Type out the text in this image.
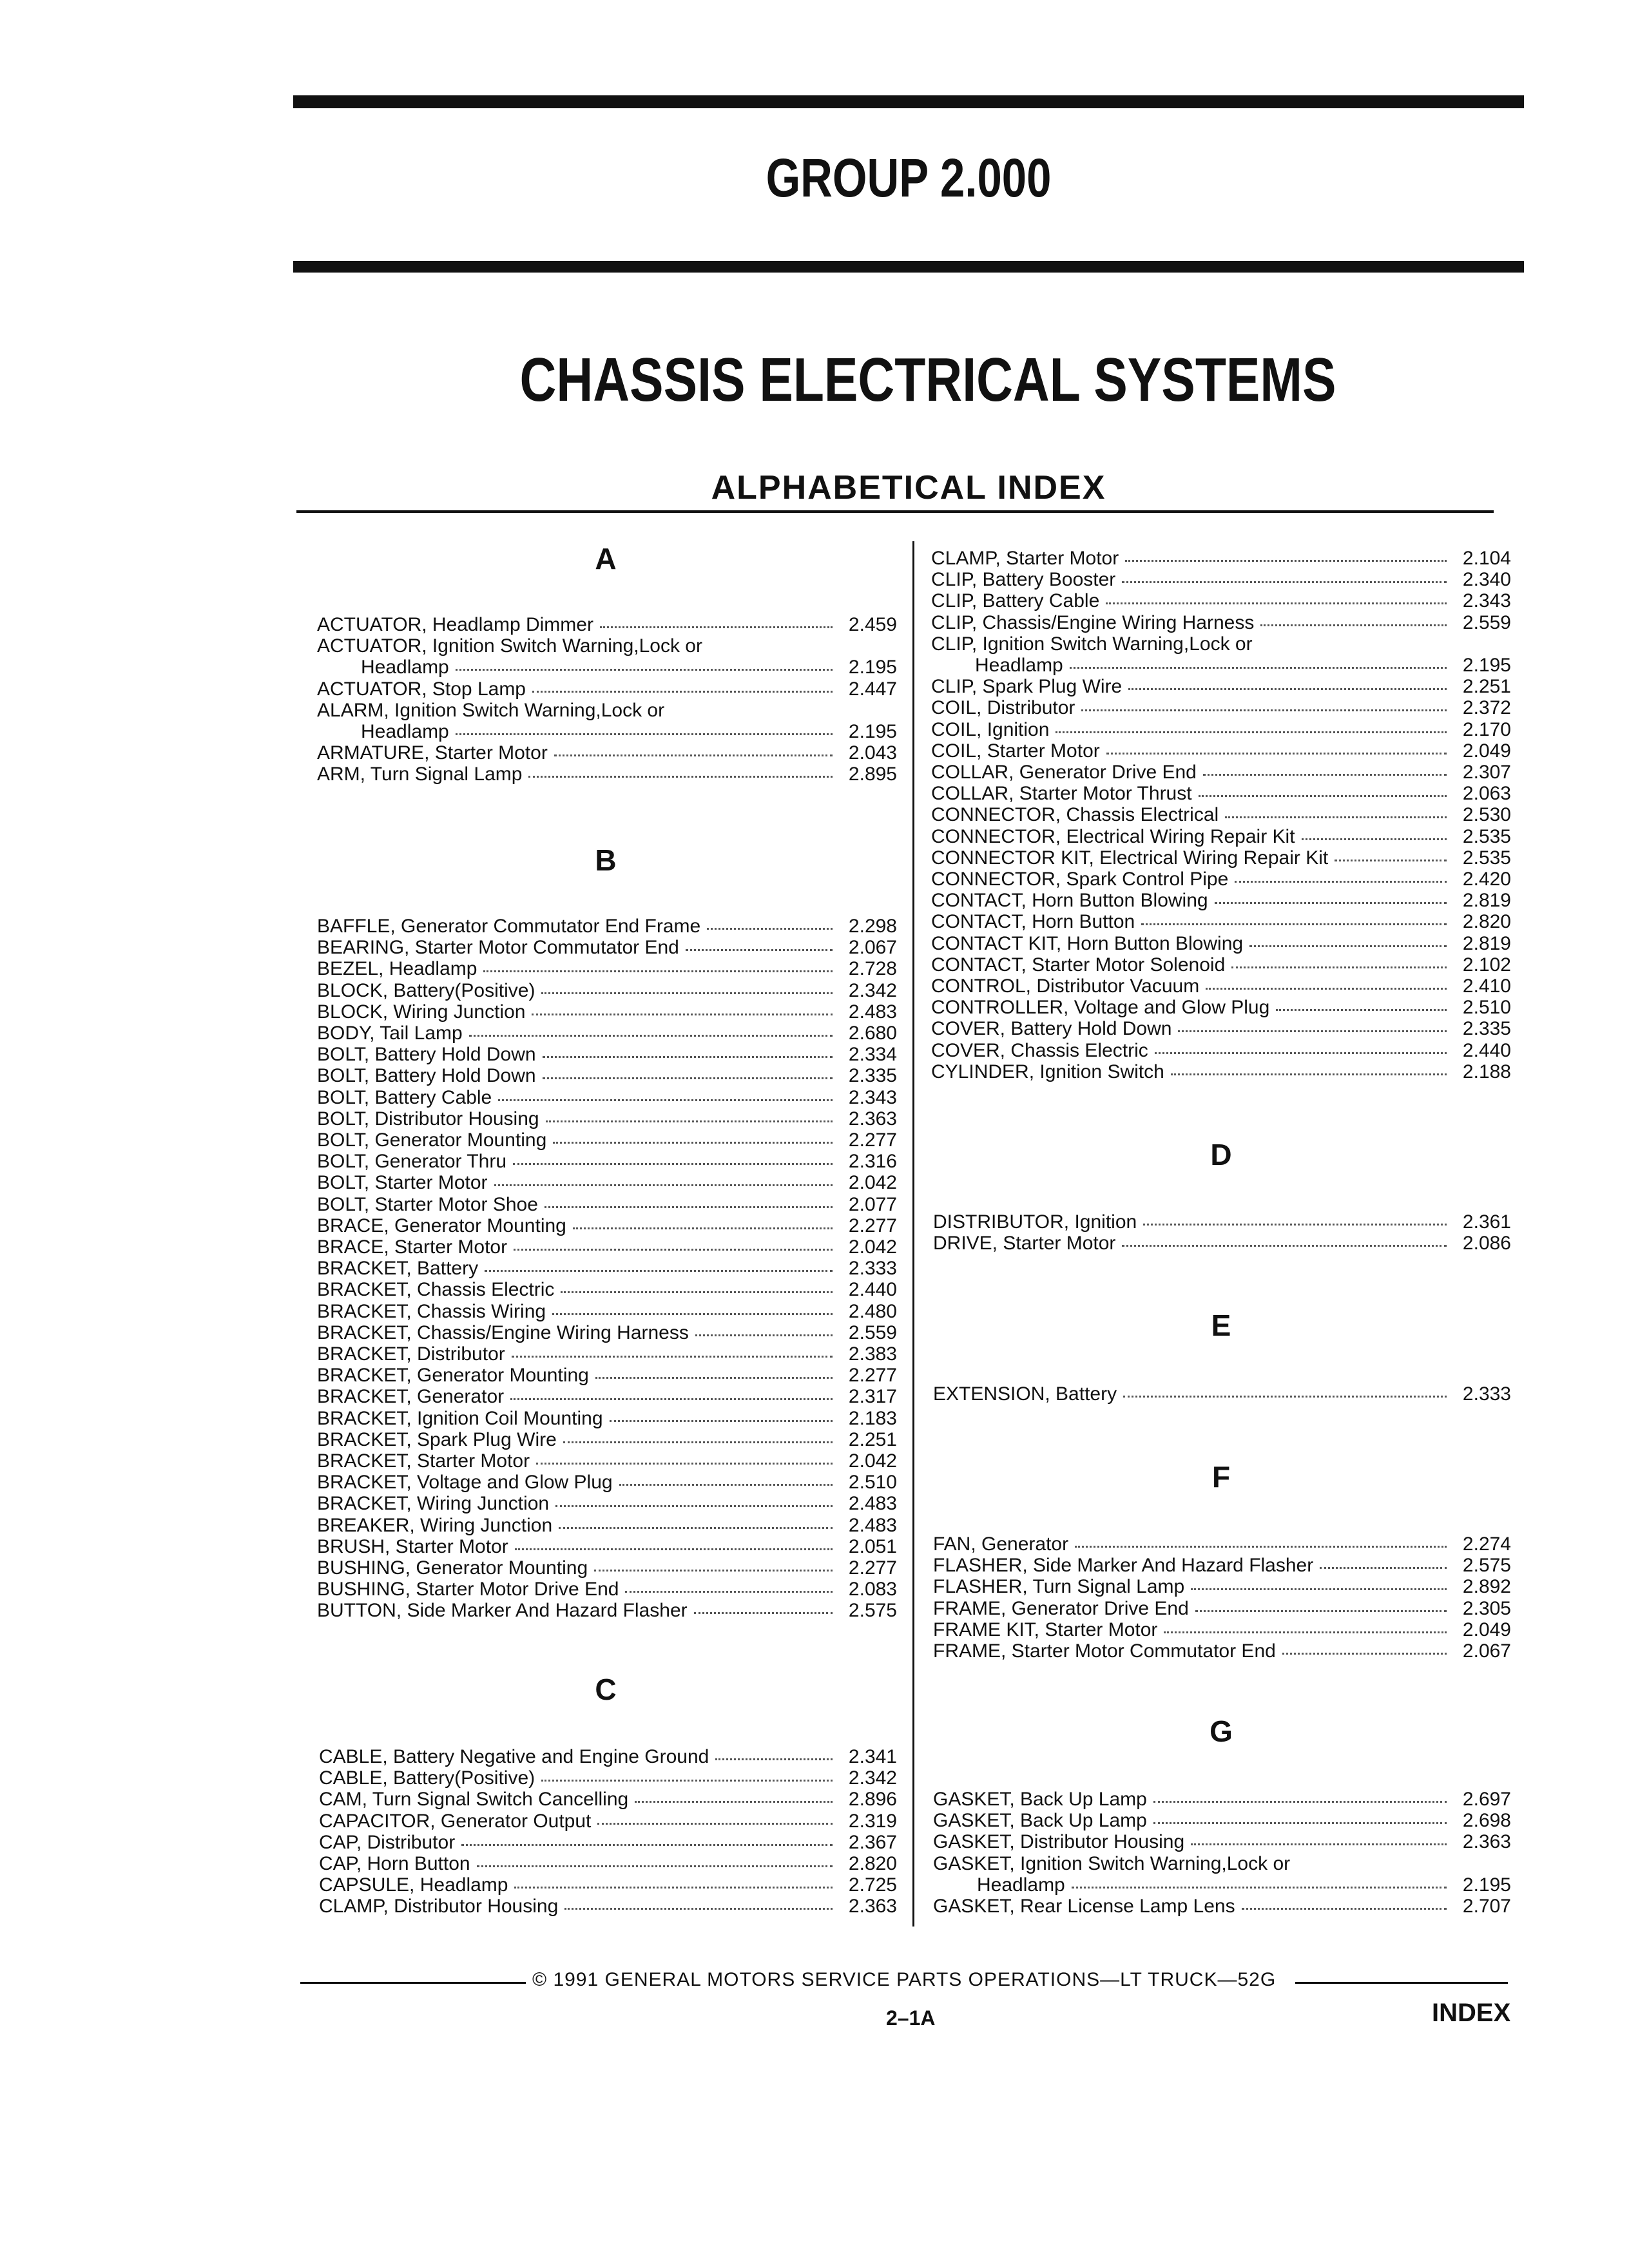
GROUP 2.000
CHASSIS ELECTRICAL SYSTEMS
ALPHABETICAL INDEX
A
ACTUATOR, Headlamp Dimmer	2.459
ACTUATOR, Ignition Switch Warning,Lock or
Headlamp	2.195
ACTUATOR, Stop Lamp	2.447
ALARM, Ignition Switch Warning,Lock or
Headlamp	2.195
ARMATURE, Starter Motor	2.043
ARM, Turn Signal Lamp	2.895
B
BAFFLE, Generator Commutator End Frame	2.298
BEARING, Starter Motor Commutator End	2.067
BEZEL, Headlamp	2.728
BLOCK, Battery(Positive)	2.342
BLOCK, Wiring Junction	2.483
BODY, Tail Lamp	2.680
BOLT, Battery Hold Down	2.334
BOLT, Battery Hold Down	2.335
BOLT, Battery Cable	2.343
BOLT, Distributor Housing	2.363
BOLT, Generator Mounting	2.277
BOLT, Generator Thru	2.316
BOLT, Starter Motor	2.042
BOLT, Starter Motor Shoe	2.077
BRACE, Generator Mounting	2.277
BRACE, Starter Motor	2.042
BRACKET, Battery	2.333
BRACKET, Chassis Electric	2.440
BRACKET, Chassis Wiring	2.480
BRACKET, Chassis/Engine Wiring Harness	2.559
BRACKET, Distributor	2.383
BRACKET, Generator Mounting	2.277
BRACKET, Generator	2.317
BRACKET, Ignition Coil Mounting	2.183
BRACKET, Spark Plug Wire	2.251
BRACKET, Starter Motor	2.042
BRACKET, Voltage and Glow Plug	2.510
BRACKET, Wiring Junction	2.483
BREAKER, Wiring Junction	2.483
BRUSH, Starter Motor	2.051
BUSHING, Generator Mounting	2.277
BUSHING, Starter Motor Drive End	2.083
BUTTON, Side Marker And Hazard Flasher	2.575
C
CABLE, Battery Negative and Engine Ground	2.341
CABLE, Battery(Positive)	2.342
CAM, Turn Signal Switch Cancelling	2.896
CAPACITOR, Generator Output	2.319
CAP, Distributor	2.367
CAP, Horn Button	2.820
CAPSULE, Headlamp	2.725
CLAMP, Distributor Housing	2.363
CLAMP, Starter Motor	2.104
CLIP, Battery Booster	2.340
CLIP, Battery Cable	2.343
CLIP, Chassis/Engine Wiring Harness	2.559
CLIP, Ignition Switch Warning,Lock or
Headlamp	2.195
CLIP, Spark Plug Wire	2.251
COIL, Distributor	2.372
COIL, Ignition	2.170
COIL, Starter Motor	2.049
COLLAR, Generator Drive End	2.307
COLLAR, Starter Motor Thrust	2.063
CONNECTOR, Chassis Electrical	2.530
CONNECTOR, Electrical Wiring Repair Kit	2.535
CONNECTOR KIT, Electrical Wiring Repair Kit	2.535
CONNECTOR, Spark Control Pipe	2.420
CONTACT, Horn Button Blowing	2.819
CONTACT, Horn Button	2.820
CONTACT KIT, Horn Button Blowing	2.819
CONTACT, Starter Motor Solenoid	2.102
CONTROL, Distributor Vacuum	2.410
CONTROLLER, Voltage and Glow Plug	2.510
COVER, Battery Hold Down	2.335
COVER, Chassis Electric	2.440
CYLINDER, Ignition Switch	2.188
D
DISTRIBUTOR, Ignition	2.361
DRIVE, Starter Motor	2.086
E
EXTENSION, Battery	2.333
F
FAN, Generator	2.274
FLASHER, Side Marker And Hazard Flasher	2.575
FLASHER, Turn Signal Lamp	2.892
FRAME, Generator Drive End	2.305
FRAME KIT, Starter Motor	2.049
FRAME, Starter Motor Commutator End	2.067
G
GASKET, Back Up Lamp	2.697
GASKET, Back Up Lamp	2.698
GASKET, Distributor Housing	2.363
GASKET, Ignition Switch Warning,Lock or
Headlamp	2.195
GASKET, Rear License Lamp Lens	2.707
© 1991 GENERAL MOTORS SERVICE PARTS OPERATIONS—LT TRUCK—52G
2–1A	INDEX
